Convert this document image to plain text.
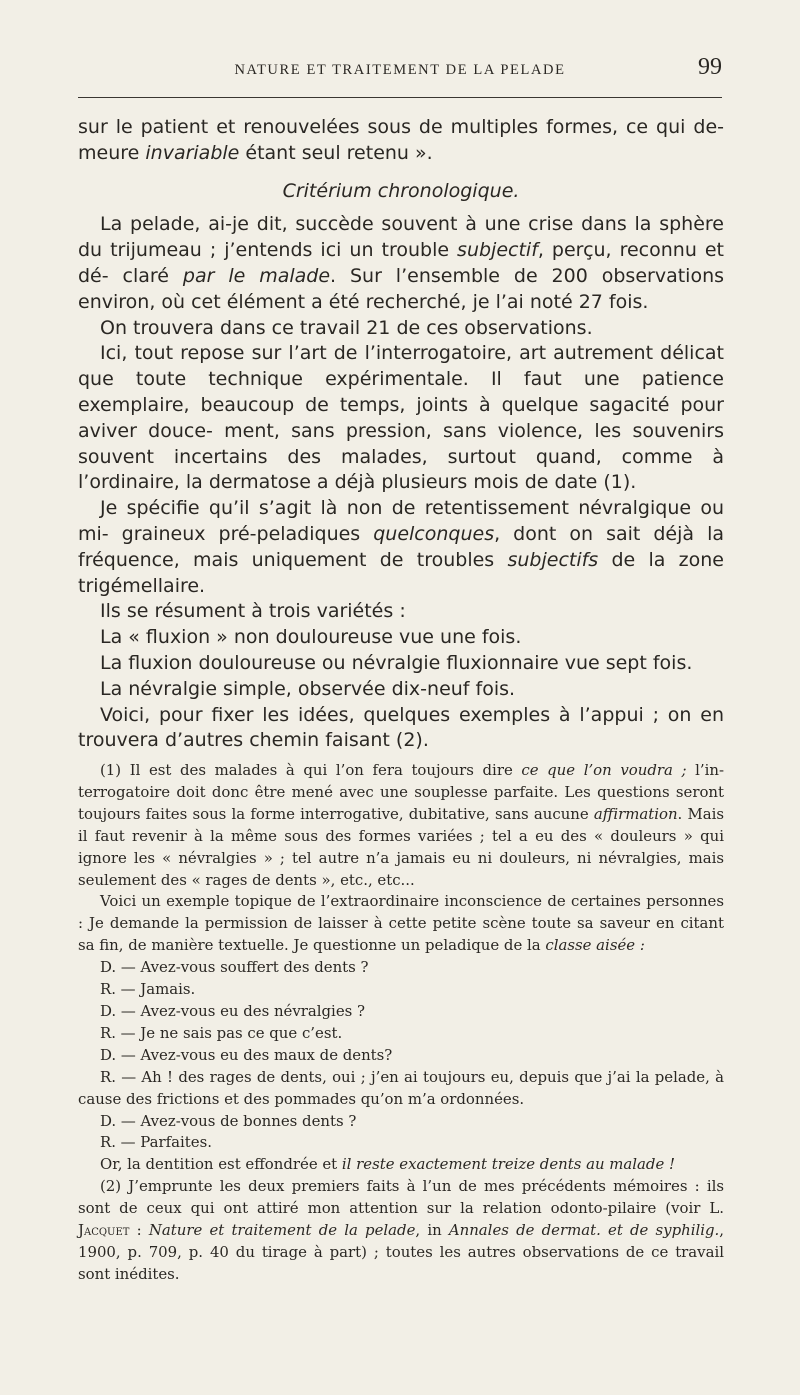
NATURE ET TRAITEMENT DE LA PELADE	99

sur le patient et renouvelées sous de multiples formes, ce qui de- meure invariable étant seul retenu ».

Critérium chronologique.

La pelade, ai-je dit, succède souvent à une crise dans la sphère du trijumeau ; j’entends ici un trouble subjectif, perçu, reconnu et dé- claré par le malade. Sur l’ensemble de 200 observations environ, où cet élément a été recherché, je l’ai noté 27 fois.

On trouvera dans ce travail 21 de ces observations.

Ici, tout repose sur l’art de l’interrogatoire, art autrement délicat que toute technique expérimentale. Il faut une patience exemplaire, beaucoup de temps, joints à quelque sagacité pour aviver douce- ment, sans pression, sans violence, les souvenirs souvent incertains des malades, surtout quand, comme à l’ordinaire, la dermatose a déjà plusieurs mois de date (1).

Je spécifie qu’il s’agit là non de retentissement névralgique ou mi- graineux pré-peladiques quelconques, dont on sait déjà la fréquence, mais uniquement de troubles subjectifs de la zone trigémellaire.

Ils se résument à trois variétés :

La « fluxion » non douloureuse vue une fois.

La fluxion douloureuse ou névralgie fluxionnaire vue sept fois.

La névralgie simple, observée dix-neuf fois.

Voici, pour fixer les idées, quelques exemples à l’appui ; on en trouvera d’autres chemin faisant (2).

(1) Il est des malades à qui l’on fera toujours dire ce que l’on voudra ; l’in- terrogatoire doit donc être mené avec une souplesse parfaite. Les questions seront toujours faites sous la forme interrogative, dubitative, sans aucune affirmation. Mais il faut revenir à la même sous des formes variées ; tel a eu des « douleurs » qui ignore les « névralgies » ; tel autre n’a jamais eu ni douleurs, ni névralgies, mais seulement des « rages de dents », etc., etc...

Voici un exemple topique de l’extraordinaire inconscience de certaines personnes : Je demande la permission de laisser à cette petite scène toute sa saveur en citant sa fin, de manière textuelle. Je questionne un peladique de la classe aisée :

D. — Avez-vous souffert des dents ?

R. — Jamais.

D. — Avez-vous eu des névralgies ?

R. — Je ne sais pas ce que c’est.

D. — Avez-vous eu des maux de dents?

R. — Ah ! des rages de dents, oui ; j’en ai toujours eu, depuis que j’ai la pelade, à cause des frictions et des pommades qu’on m’a ordonnées.

D. — Avez-vous de bonnes dents ?

R. — Parfaites.

Or, la dentition est effondrée et il reste exactement treize dents au malade !

(2) J’emprunte les deux premiers faits à l’un de mes précédents mémoires : ils sont de ceux qui ont attiré mon attention sur la relation odonto-pilaire (voir L. Jacquet : Nature et traitement de la pelade, in Annales de dermat. et de syphilig., 1900, p. 709, p. 40 du tirage à part) ; toutes les autres observations de ce travail sont inédites.
